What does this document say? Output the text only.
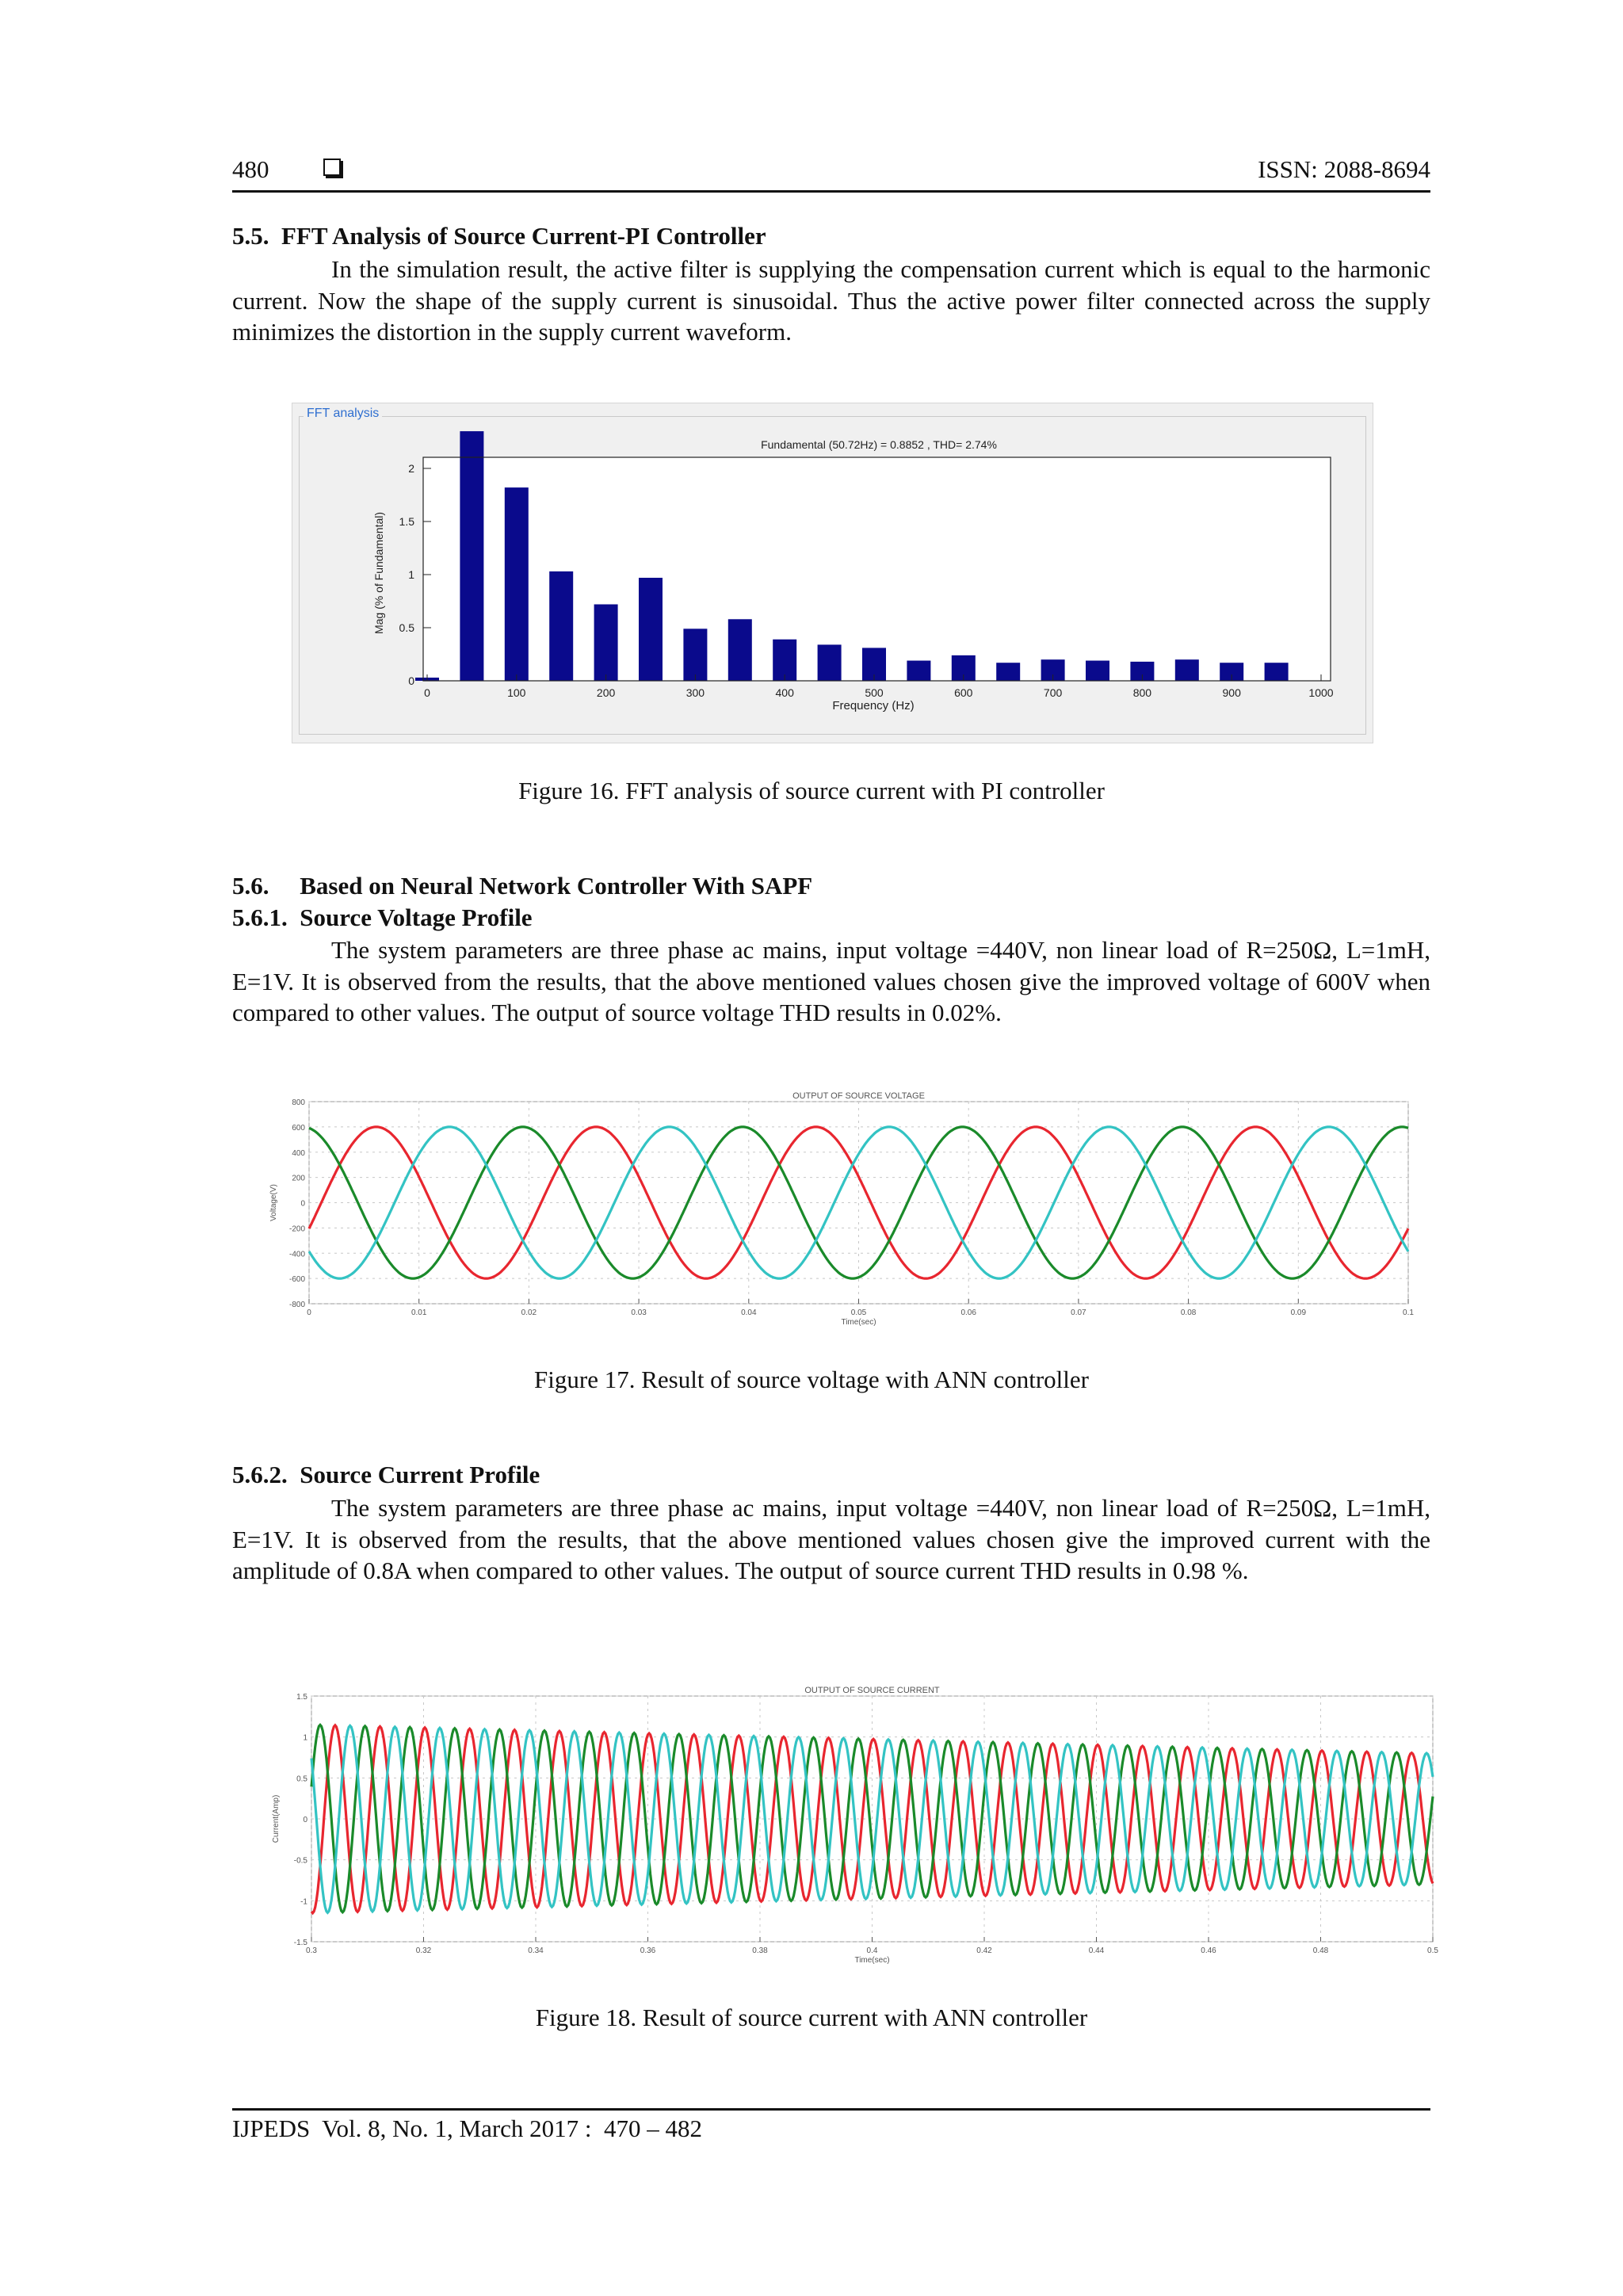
480	ISSN: 2088-8694
5.5.  FFT Analysis of Source Current-PI Controller
In the simulation result, the active filter is supplying the compensation current which is equal to the harmonic current. Now the shape of the supply current is sinusoidal. Thus the active power filter connected across the supply minimizes the distortion in the supply current waveform.
FFT analysis
0	100	200	300	400	500	600	700	800	900	1000
0
0.5
1
1.5
2
Fundamental (50.72Hz) = 0.8852 , THD= 2.74%
Frequency (Hz)
Mag (% of Fundamental)
Figure 16. FFT analysis of source current with PI controller
5.6.     Based on Neural Network Controller With SAPF
5.6.1.  Source Voltage Profile
The system parameters are three phase ac mains, input voltage =440V, non linear load of R=250Ω, L=1mH, E=1V. It is observed from the results, that the above mentioned values chosen give the improved voltage of 600V when compared to other values. The output of source voltage THD results in 0.02%.
0	0.01	0.02	0.03	0.04	0.05	0.06	0.07	0.08	0.09	0.1
800
600
400
200
0
-200
-400
-600
-800
OUTPUT OF SOURCE VOLTAGE
Time(sec)
Voltage(V)
Figure 17. Result of source voltage with ANN controller
5.6.2.  Source Current Profile
The system parameters are three phase ac mains, input voltage =440V, non linear load of R=250Ω, L=1mH, E=1V. It is observed from the results, that the above mentioned values chosen give the improved current with the amplitude of 0.8A when compared to other values. The output of source current THD results in 0.98 %.
0.3	0.32	0.34	0.36	0.38	0.4	0.42	0.44	0.46	0.48	0.5
1.5
1
0.5
0
-0.5
-1
-1.5
OUTPUT OF SOURCE CURRENT
Time(sec)
Current(Amp)
Figure 18. Result of source current with ANN controller
IJPEDS  Vol. 8, No. 1, March 2017 :  470 – 482
